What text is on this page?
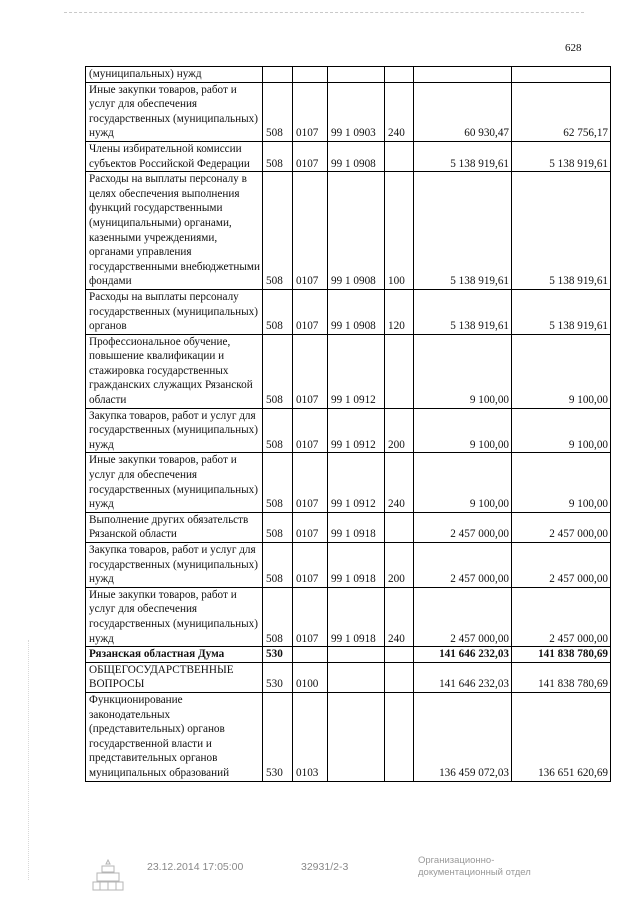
628
(муниципальных) нужд						
Иные закупки товаров, работ и услуг для обеспечения государственных (муниципальных) нужд	508	0107	99 1 0903	240	60 930,47	62 756,17
Члены избирательной комиссии субъектов Российской Федерации	508	0107	99 1 0908		5 138 919,61	5 138 919,61
Расходы на выплаты персоналу в целях обеспечения выполнения функций государственными (муниципальными) органами, казенными учреждениями, органами управления государственными внебюджетными фондами	508	0107	99 1 0908	100	5 138 919,61	5 138 919,61
Расходы на выплаты персоналу государственных (муниципальных) органов	508	0107	99 1 0908	120	5 138 919,61	5 138 919,61
Профессиональное обучение, повышение квалификации и стажировка государственных гражданских служащих Рязанской области	508	0107	99 1 0912		9 100,00	9 100,00
Закупка товаров, работ и услуг для государственных (муниципальных) нужд	508	0107	99 1 0912	200	9 100,00	9 100,00
Иные закупки товаров, работ и услуг для обеспечения государственных (муниципальных) нужд	508	0107	99 1 0912	240	9 100,00	9 100,00
Выполнение других обязательств Рязанской области	508	0107	99 1 0918		2 457 000,00	2 457 000,00
Закупка товаров, работ и услуг для государственных (муниципальных) нужд	508	0107	99 1 0918	200	2 457 000,00	2 457 000,00
Иные закупки товаров, работ и услуг для обеспечения государственных (муниципальных) нужд	508	0107	99 1 0918	240	2 457 000,00	2 457 000,00
Рязанская областная Дума	530				141 646 232,03	141 838 780,69
ОБЩЕГОСУДАРСТВЕННЫЕ ВОПРОСЫ	530	0100			141 646 232,03	141 838 780,69
Функционирование законодательных (представительных) органов государственной власти и представительных органов муниципальных образований	530	0103			136 459 072,03	136 651 620,69
23.12.2014 17:05:00	32931/2-3
Организационно-
документационный отдел
